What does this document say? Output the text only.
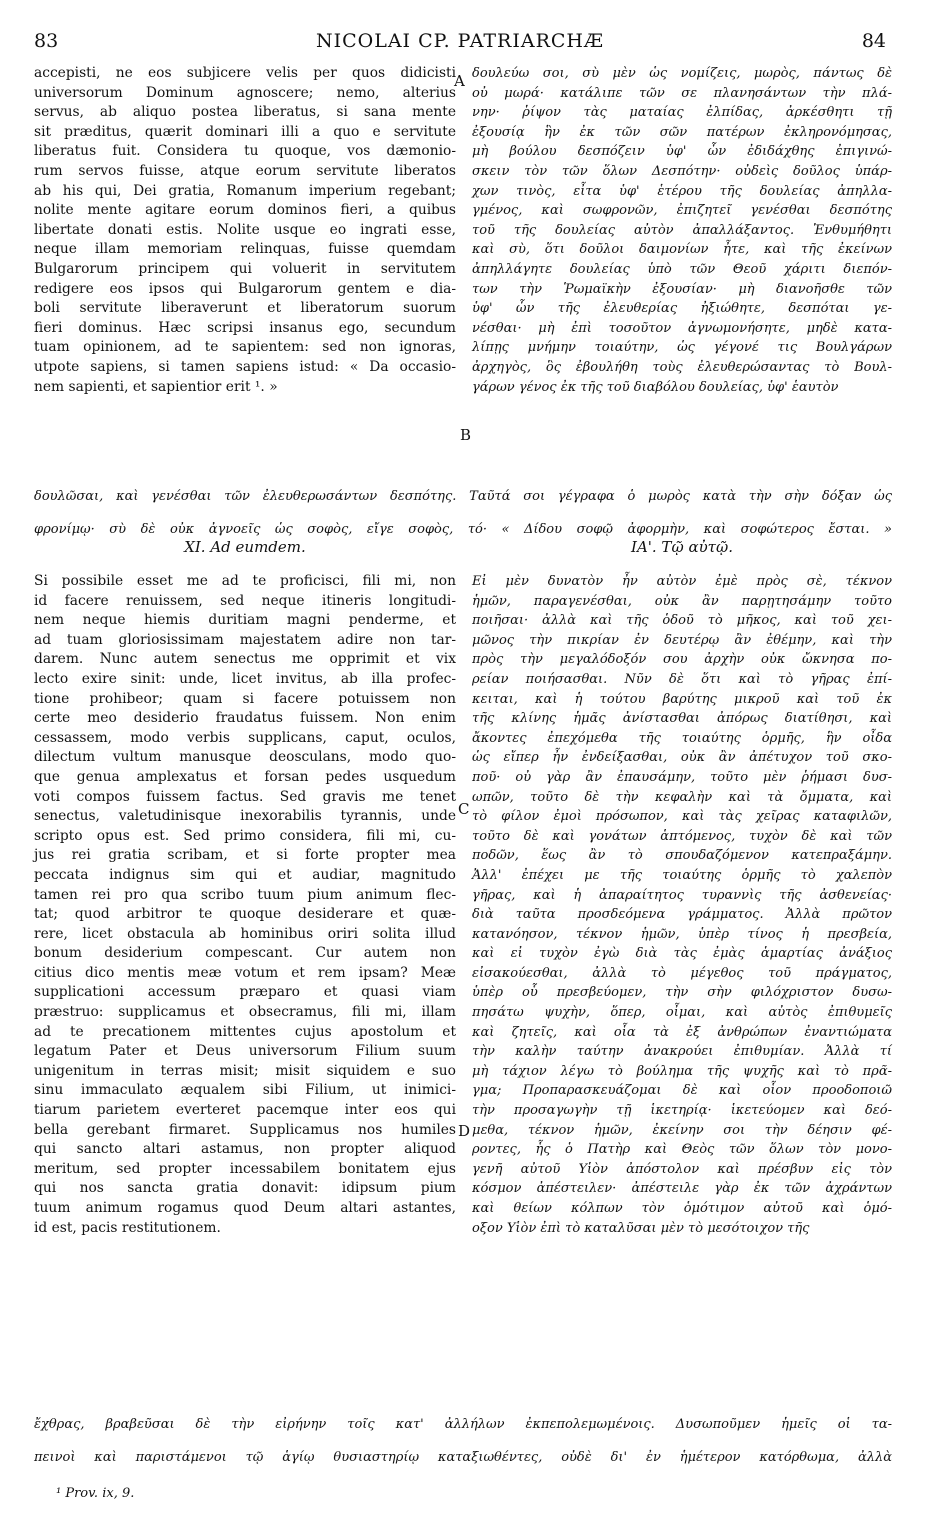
83	NICOLAI CP. PATRIARCHÆ	84

accepisti, ne eos subjicere velis per quos didicisti

universorum Dominum agnoscere; nemo, alterius

servus, ab aliquo postea liberatus, si sana mente

sit præditus, quærit dominari illi a quo e servitute

liberatus fuit. Considera tu quoque, vos dæmonio-

rum servos fuisse, atque eorum servitute liberatos

ab his qui, Dei gratia, Romanum imperium regebant;

nolite mente agitare eorum dominos fieri, a quibus

libertate donati estis. Nolite usque eo ingrati esse,

neque illam memoriam relinquas, fuisse quemdam

Bulgarorum principem qui voluerit in servitutem

redigere eos ipsos qui Bulgarorum gentem e dia-

boli servitute liberaverunt et liberatorum suorum

fieri dominus. Hæc scripsi insanus ego, secundum

tuam opinionem, ad te sapientem: sed non ignoras,

utpote sapiens, si tamen sapiens istud: « Da occasio-

nem sapienti, et sapientior erit ¹. »

δουλεύω σοι, σὺ μὲν ὡς νομίζεις, μωρὸς, πάντως δὲ

οὐ μωρά· κατάλιπε τῶν σε πλανησάντων τὴν πλά-

νην· ῥίψον τὰς ματαίας ἐλπίδας, ἀρκέσθητι τῇ

ἐξουσίᾳ ἣν ἐκ τῶν σῶν πατέρων ἐκληρονόμησας,

μὴ βούλου δεσπόζειν ὑφ' ὧν ἐδιδάχθης ἐπιγινώ-

σκειν τὸν τῶν ὅλων Δεσπότην· οὐδεὶς δοῦλος ὑπάρ-

χων τινὸς, εἶτα ὑφ' ἑτέρου τῆς δουλείας ἀπηλλα-

γμένος, καὶ σωφρονῶν, ἐπιζητεῖ γενέσθαι δεσπότης

τοῦ τῆς δουλείας αὐτὸν ἀπαλλάξαντος. Ἐνθυμήθητι

καὶ σὺ, ὅτι δοῦλοι δαιμονίων ἦτε, καὶ τῆς ἐκείνων

ἀπηλλάγητε δουλείας ὑπὸ τῶν Θεοῦ χάριτι διεπόν-

των τὴν Ῥωμαϊκὴν ἐξουσίαν· μὴ διανοῆσθε τῶν

ὑφ' ὧν τῆς ἐλευθερίας ἠξιώθητε, δεσπόται γε-

νέσθαι· μὴ ἐπὶ τοσοῦτον ἀγνωμονήσητε, μηδὲ κατα-

λίπῃς μνήμην τοιαύτην, ὡς γέγονέ τις Βουλγάρων

ἀρχηγὸς, ὃς ἐβουλήθη τοὺς ἐλευθερώσαντας τὸ Βουλ-

γάρων γένος ἐκ τῆς τοῦ διαβόλου δουλείας, ὑφ' ἑαυτὸν

A
B

δουλῶσαι, καὶ γενέσθαι τῶν ἐλευθερωσάντων δεσπότης. Ταῦτά σοι γέγραφα ὁ μωρὸς κατὰ τὴν σὴν δόξαν ὡς

φρονίμῳ· σὺ δὲ οὐκ ἀγνοεῖς ὡς σοφὸς, εἴγε σοφὸς, τό· « Δίδου σοφῷ ἀφορμὴν, καὶ σοφώτερος ἔσται. »

XI. Ad eumdem.	ΙΑ'. Τῷ αὐτῷ.

Si possibile esset me ad te proficisci, fili mi, non

id facere renuissem, sed neque itineris longitudi-

nem neque hiemis duritiam magni penderme, et

ad tuam gloriosissimam majestatem adire non tar-

darem. Nunc autem senectus me opprimit et vix

lecto exire sinit: unde, licet invitus, ab illa profec-

tione prohibeor; quam si facere potuissem non

certe meo desiderio fraudatus fuissem. Non enim

cessassem, modo verbis supplicans, caput, oculos,

dilectum vultum manusque deosculans, modo quo-

que genua amplexatus et forsan pedes usquedum

voti compos fuissem factus. Sed gravis me tenet

senectus, valetudinisque inexorabilis tyrannis, unde

scripto opus est. Sed primo considera, fili mi, cu-

jus rei gratia scribam, et si forte propter mea

peccata indignus sim qui et audiar, magnitudo

tamen rei pro qua scribo tuum pium animum flec-

tat; quod arbitror te quoque desiderare et quæ-

rere, licet obstacula ab hominibus oriri solita illud

bonum desiderium compescant. Cur autem non

citius dico mentis meæ votum et rem ipsam? Meæ

supplicationi accessum præparo et quasi viam

præstruo: supplicamus et obsecramus, fili mi, illam

ad te precationem mittentes cujus apostolum et

legatum Pater et Deus universorum Filium suum

unigenitum in terras misit; misit siquidem e suo

sinu immaculato æqualem sibi Filium, ut inimici-

tiarum parietem everteret pacemque inter eos qui

bella gerebant firmaret. Supplicamus nos humiles

qui sancto altari astamus, non propter aliquod

meritum, sed propter incessabilem bonitatem ejus

qui nos sancta gratia donavit: idipsum pium

tuum animum rogamus quod Deum altari astantes,

id est, pacis restitutionem.

Εἰ μὲν δυνατὸν ἦν αὐτὸν ἐμὲ πρὸς σὲ, τέκνον

ἡμῶν, παραγενέσθαι, οὐκ ἂν παρῃτησάμην τοῦτο

ποιῆσαι· ἀλλὰ καὶ τῆς ὁδοῦ τὸ μῆκος, καὶ τοῦ χει-

μῶνος τὴν πικρίαν ἐν δευτέρῳ ἂν ἐθέμην, καὶ τὴν

πρὸς τὴν μεγαλόδοξόν σου ἀρχὴν οὐκ ὤκνησα πο-

ρείαν ποιήσασθαι. Νῦν δὲ ὅτι καὶ τὸ γῆρας ἐπί-

κειται, καὶ ἡ τούτου βαρύτης μικροῦ καὶ τοῦ ἐκ

τῆς κλίνης ἡμᾶς ἀνίστασθαι ἀπόρως διατίθησι, καὶ

ἄκοντες ἐπεχόμεθα τῆς τοιαύτης ὁρμῆς, ἣν οἶδα

ὡς εἴπερ ἦν ἐνδείξασθαι, οὐκ ἂν ἀπέτυχον τοῦ σκο-

ποῦ· οὐ γὰρ ἂν ἐπαυσάμην, τοῦτο μὲν ῥήμασι δυσ-

ωπῶν, τοῦτο δὲ τὴν κεφαλὴν καὶ τὰ ὄμματα, καὶ

τὸ φίλον ἐμοὶ πρόσωπον, καὶ τὰς χεῖρας καταφιλῶν,

τοῦτο δὲ καὶ γονάτων ἁπτόμενος, τυχὸν δὲ καὶ τῶν

ποδῶν, ἕως ἂν τὸ σπουδαζόμενον κατεπραξάμην.

Ἀλλ' ἐπέχει με τῆς τοιαύτης ὁρμῆς τὸ χαλεπὸν

γῆρας, καὶ ἡ ἀπαραίτητος τυραννὶς τῆς ἀσθενείας·

διὰ ταῦτα προσδεόμενα γράμματος. Ἀλλὰ πρῶτον

κατανόησον, τέκνον ἡμῶν, ὑπὲρ τίνος ἡ πρεσβεία,

καὶ εἰ τυχὸν ἐγὼ διὰ τὰς ἐμὰς ἁμαρτίας ἀνάξιος

εἰσακούεσθαι, ἀλλὰ τὸ μέγεθος τοῦ πράγματος,

ὑπὲρ οὗ πρεσβεύομεν, τὴν σὴν φιλόχριστον δυσω-

πησάτω ψυχὴν, ὅπερ, οἶμαι, καὶ αὐτὸς ἐπιθυμεῖς

καὶ ζητεῖς, καὶ οἷα τὰ ἐξ ἀνθρώπων ἐναντιώματα

τὴν καλὴν ταύτην ἀνακρούει ἐπιθυμίαν. Ἀλλὰ τί

μὴ τάχιον λέγω τὸ βούλημα τῆς ψυχῆς καὶ τὸ πρᾶ-

γμα; Προπαρασκευάζομαι δὲ καὶ οἷον προοδοποιῶ

τὴν προσαγωγὴν τῇ ἱκετηρίᾳ· ἱκετεύομεν καὶ δεό-

μεθα, τέκνον ἡμῶν, ἐκείνην σοι τὴν δέησιν φέ-

ροντες, ἧς ὁ Πατὴρ καὶ Θεὸς τῶν ὅλων τὸν μονο-

γενῆ αὐτοῦ Υἱὸν ἀπόστολον καὶ πρέσβυν εἰς τὸν

κόσμον ἀπέστειλεν· ἀπέστειλε γὰρ ἐκ τῶν ἀχράντων

καὶ θείων κόλπων τὸν ὁμότιμον αὐτοῦ καὶ ὁμό-

οξον Υἱὸν ἐπὶ τὸ καταλῦσαι μὲν τὸ μεσότοιχον τῆς

C
D

ἔχθρας, βραβεῦσαι δὲ τὴν εἰρήνην τοῖς κατ' ἀλλήλων ἐκπεπολεμωμένοις. Δυσωποῦμεν ἡμεῖς οἱ τα-

πεινοὶ καὶ παριστάμενοι τῷ ἁγίῳ θυσιαστηρίῳ καταξιωθέντες, οὐδὲ δι' ἐν ἡμέτερον κατόρθωμα, ἀλλὰ

¹ Prov. ix, 9.
